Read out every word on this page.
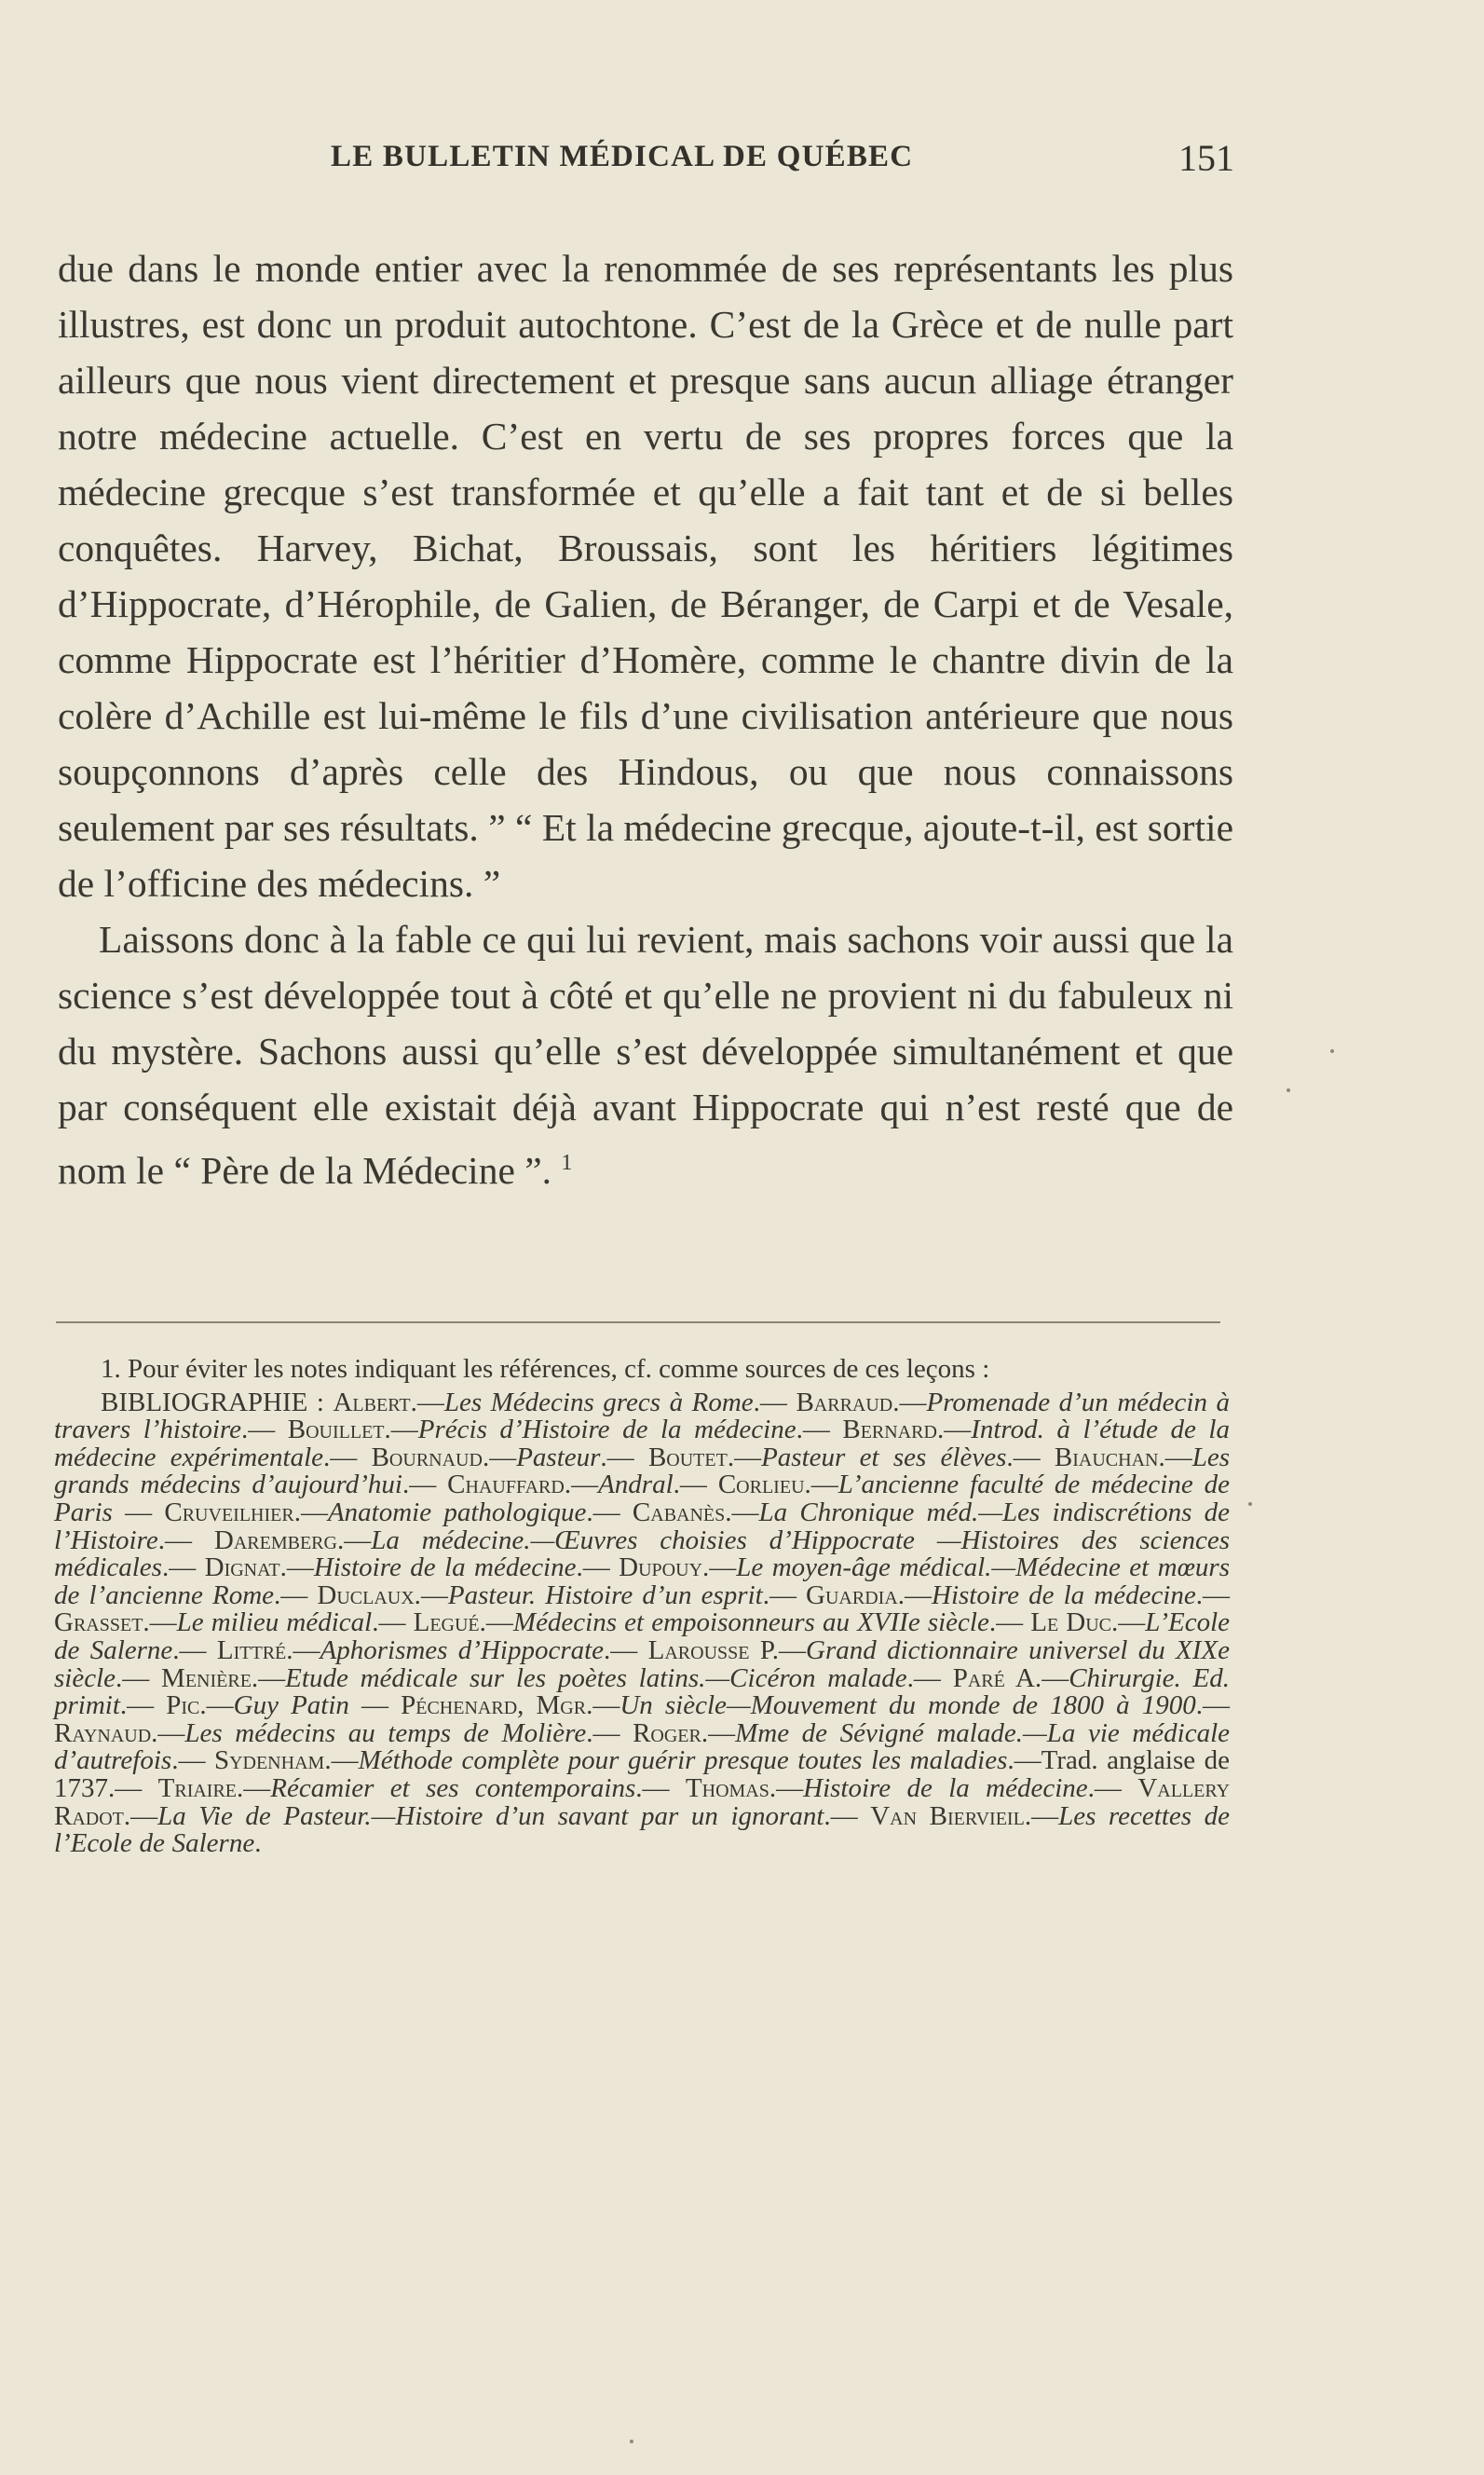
LE BULLETIN MÉDICAL DE QUÉBEC	151

due dans le monde entier avec la renommée de ses représentants les plus illustres, est donc un produit autochtone. C’est de la Grèce et de nulle part ailleurs que nous vient directement et presque sans aucun alliage étranger notre médecine actuelle. C’est en vertu de ses propres forces que la médecine grecque s’est transformée et qu’elle a fait tant et de si belles conquêtes. Harvey, Bichat, Broussais, sont les héritiers légitimes d’Hippocrate, d’Hérophile, de Galien, de Béranger, de Carpi et de Vesale, comme Hippocrate est l’héritier d’Homère, comme le chantre divin de la colère d’Achille est lui-même le fils d’une civilisation antérieure que nous soupçonnons d’après celle des Hindous, ou que nous connaissons seulement par ses résultats. ” “ Et la médecine grecque, ajoute-t-il, est sortie de l’officine des médecins. ”

Laissons donc à la fable ce qui lui revient, mais sachons voir aussi que la science s’est développée tout à côté et qu’elle ne provient ni du fabuleux ni du mystère. Sachons aussi qu’elle s’est développée simultanément et que par conséquent elle existait déjà avant Hippocrate qui n’est resté que de nom le “ Père de la Médecine ”. $^1$

1. Pour éviter les notes indiquant les références, cf. comme sources de ces leçons :

BIBLIOGRAPHIE : Albert.—Les Médecins grecs à Rome.— Barraud.—Promenade d’un médecin à travers l’histoire.— Bouillet.—Précis d’Histoire de la médecine.— Bernard.—Introd. à l’étude de la médecine expérimentale.— Bournaud.—Pasteur.— Boutet.—Pasteur et ses élèves.— Biauchan.—Les grands médecins d’aujourd’hui.— Chauffard.—Andral.— Corlieu.—L’ancienne faculté de médecine de Paris — Cruveilhier.—Anatomie pathologique.— Cabanès.—La Chronique méd.—Les indiscrétions de l’Histoire.— Daremberg.—La médecine.—Œuvres choisies d’Hippocrate —Histoires des sciences médicales.— Dignat.—Histoire de la médecine.— Dupouy.—Le moyen-âge médical.—Médecine et mœurs de l’ancienne Rome.— Duclaux.—Pasteur. Histoire d’un esprit.— Guardia.—Histoire de la médecine.— Grasset.—Le milieu médical.— Legué.—Médecins et empoisonneurs au XVIIe siècle.— Le Duc.—L’Ecole de Salerne.— Littré.—Aphorismes d’Hippocrate.— Larousse P.—Grand dictionnaire universel du XIXe siècle.— Menière.—Etude médicale sur les poètes latins.—Cicéron malade.— Paré A.—Chirurgie. Ed. primit.— Pic.—Guy Patin — Péchenard, Mgr.—Un siècle—Mouvement du monde de 1800 à 1900.— Raynaud.—Les médecins au temps de Molière.— Roger.—Mme de Sévigné malade.—La vie médicale d’autrefois.— Sydenham.—Méthode complète pour guérir presque toutes les maladies.—Trad. anglaise de 1737.— Triaire.—Récamier et ses contemporains.— Thomas.—Histoire de la médecine.— Vallery Radot.—La Vie de Pasteur.—Histoire d’un savant par un ignorant.— Van Biervieil.—Les recettes de l’Ecole de Salerne.
